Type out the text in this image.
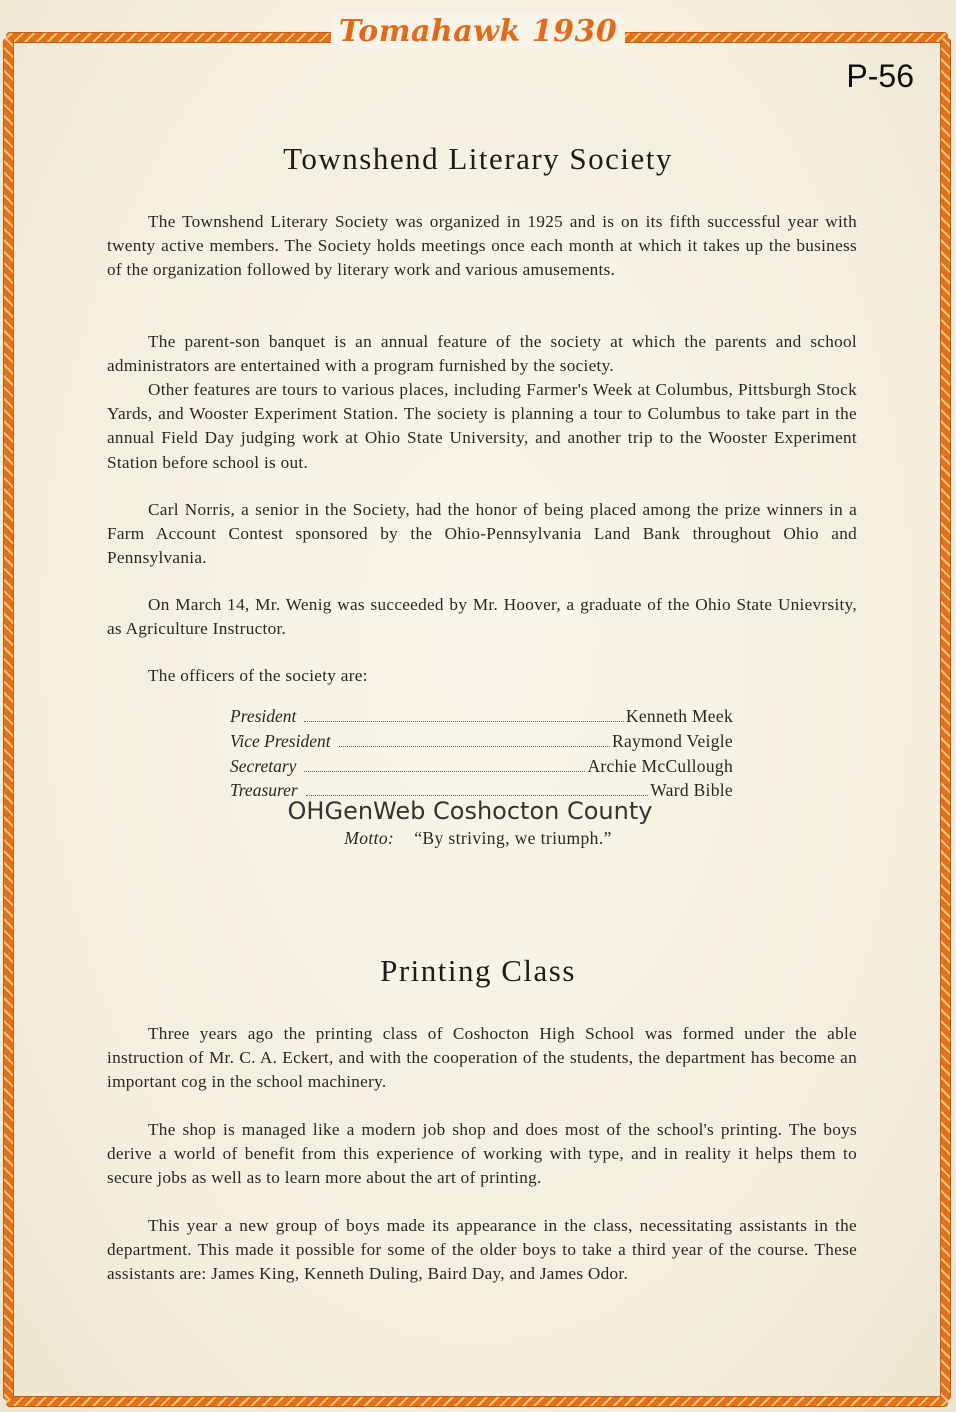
Tomahawk 1930
P-56
Townshend Literary Society
The Townshend Literary Society was organized in 1925 and is on its fifth successful year with twenty active members. The Society holds meetings once each month at which it takes up the business of the organization followed by literary work and various amusements.
The parent-son banquet is an annual feature of the society at which the parents and school administrators are entertained with a program furnished by the society.
Other features are tours to various places, including Farmer's Week at Columbus, Pittsburgh Stock Yards, and Wooster Experiment Station. The society is planning a tour to Columbus to take part in the annual Field Day judging work at Ohio State University, and another trip to the Wooster Experiment Station before school is out.
Carl Norris, a senior in the Society, had the honor of being placed among the prize winners in a Farm Account Contest sponsored by the Ohio-Pennsylvania Land Bank throughout Ohio and Pennsylvania.
On March 14, Mr. Wenig was succeeded by Mr. Hoover, a graduate of the Ohio State Unievrsity, as Agriculture Instructor.
The officers of the society are:
President	Kenneth Meek
Vice President	Raymond Veigle
Secretary	Archie McCullough
Treasurer	Ward Bible
OHGenWeb Coshocton County
Motto: “By striving, we triumph.”
Printing Class
Three years ago the printing class of Coshocton High School was formed under the able instruction of Mr. C. A. Eckert, and with the cooperation of the students, the department has become an important cog in the school machinery.
The shop is managed like a modern job shop and does most of the school's printing. The boys derive a world of benefit from this experience of working with type, and in reality it helps them to secure jobs as well as to learn more about the art of printing.
This year a new group of boys made its appearance in the class, necessitating assistants in the department. This made it possible for some of the older boys to take a third year of the course. These assistants are: James King, Kenneth Duling, Baird Day, and James Odor.
